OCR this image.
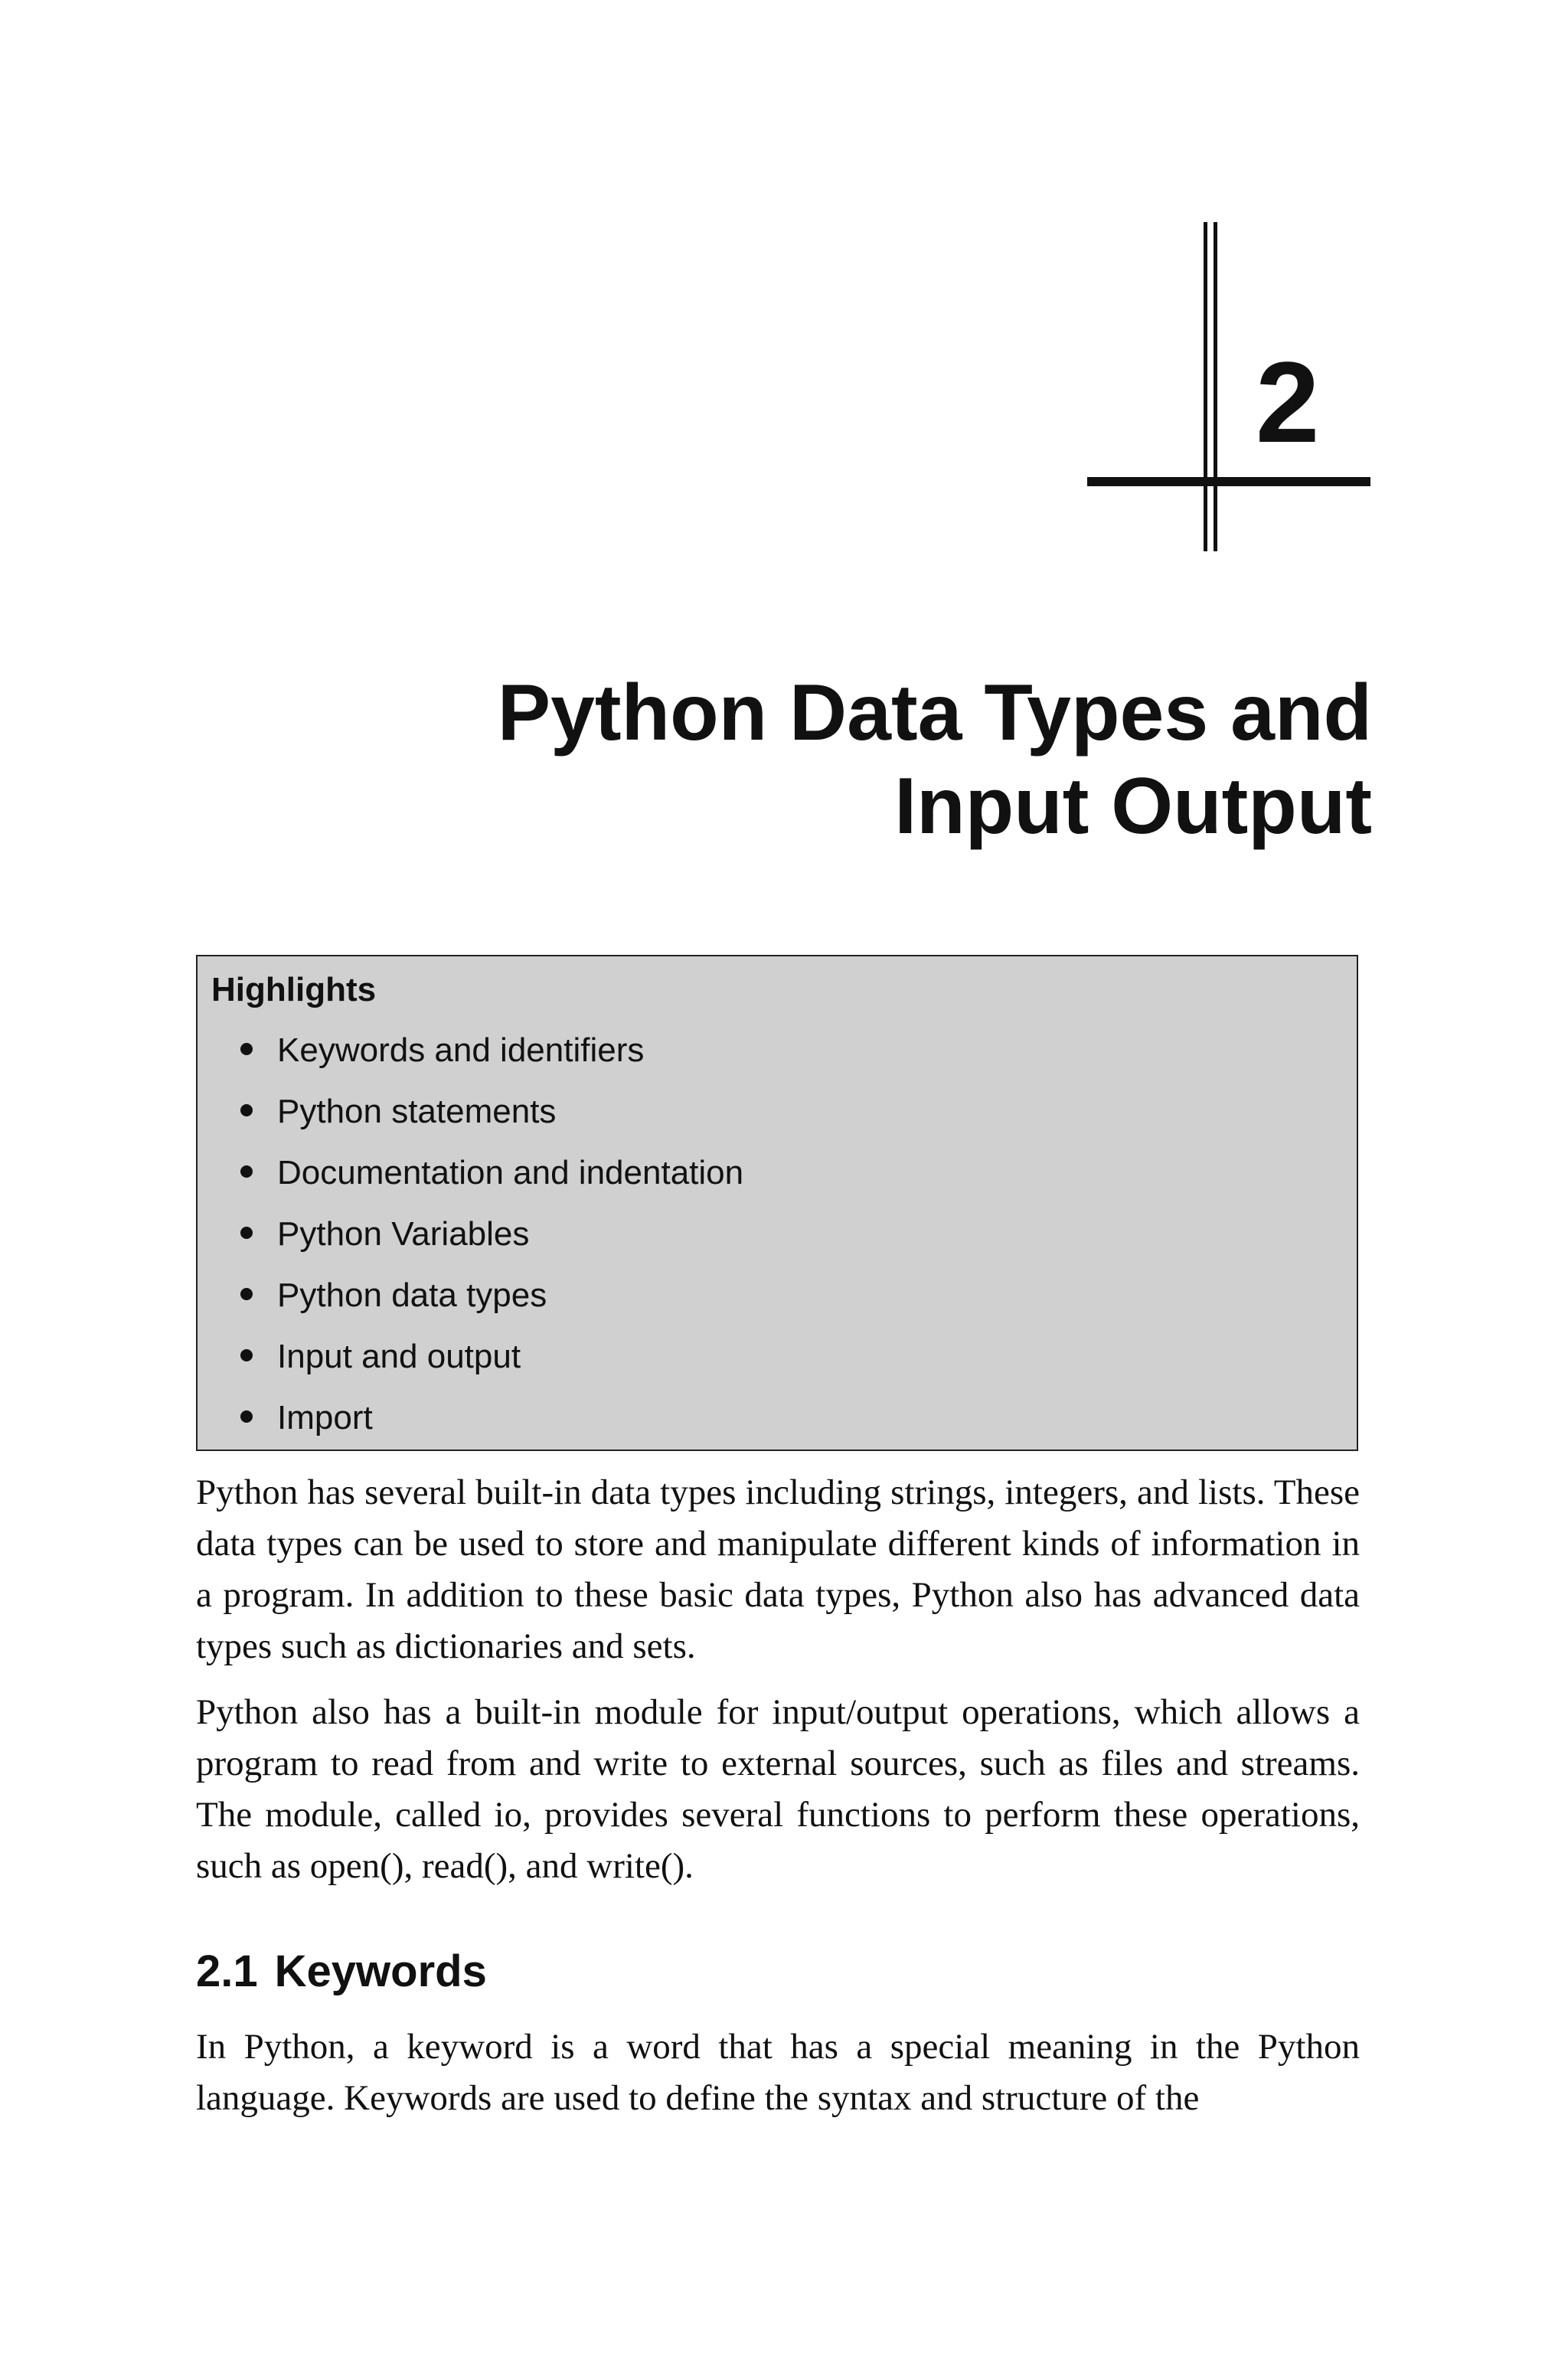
2
Python Data Types and
Input Output
Highlights
Keywords and identifiers
Python statements
Documentation and indentation
Python Variables
Python data types
Input and output
Import

Python has several built-in data types including strings, integers, and lists. These data types can be used to store and manipulate different kinds of information in a program. In addition to these basic data types, Python also has advanced data types such as dictionaries and sets.

Python also has a built-in module for input/output operations, which allows a program to read from and write to external sources, such as files and streams. The module, called io, provides several functions to perform these operations, such as open(), read(), and write().

2.1 Keywords

In Python, a keyword is a word that has a special meaning in the Python language. Keywords are used to define the syntax and structure of the
